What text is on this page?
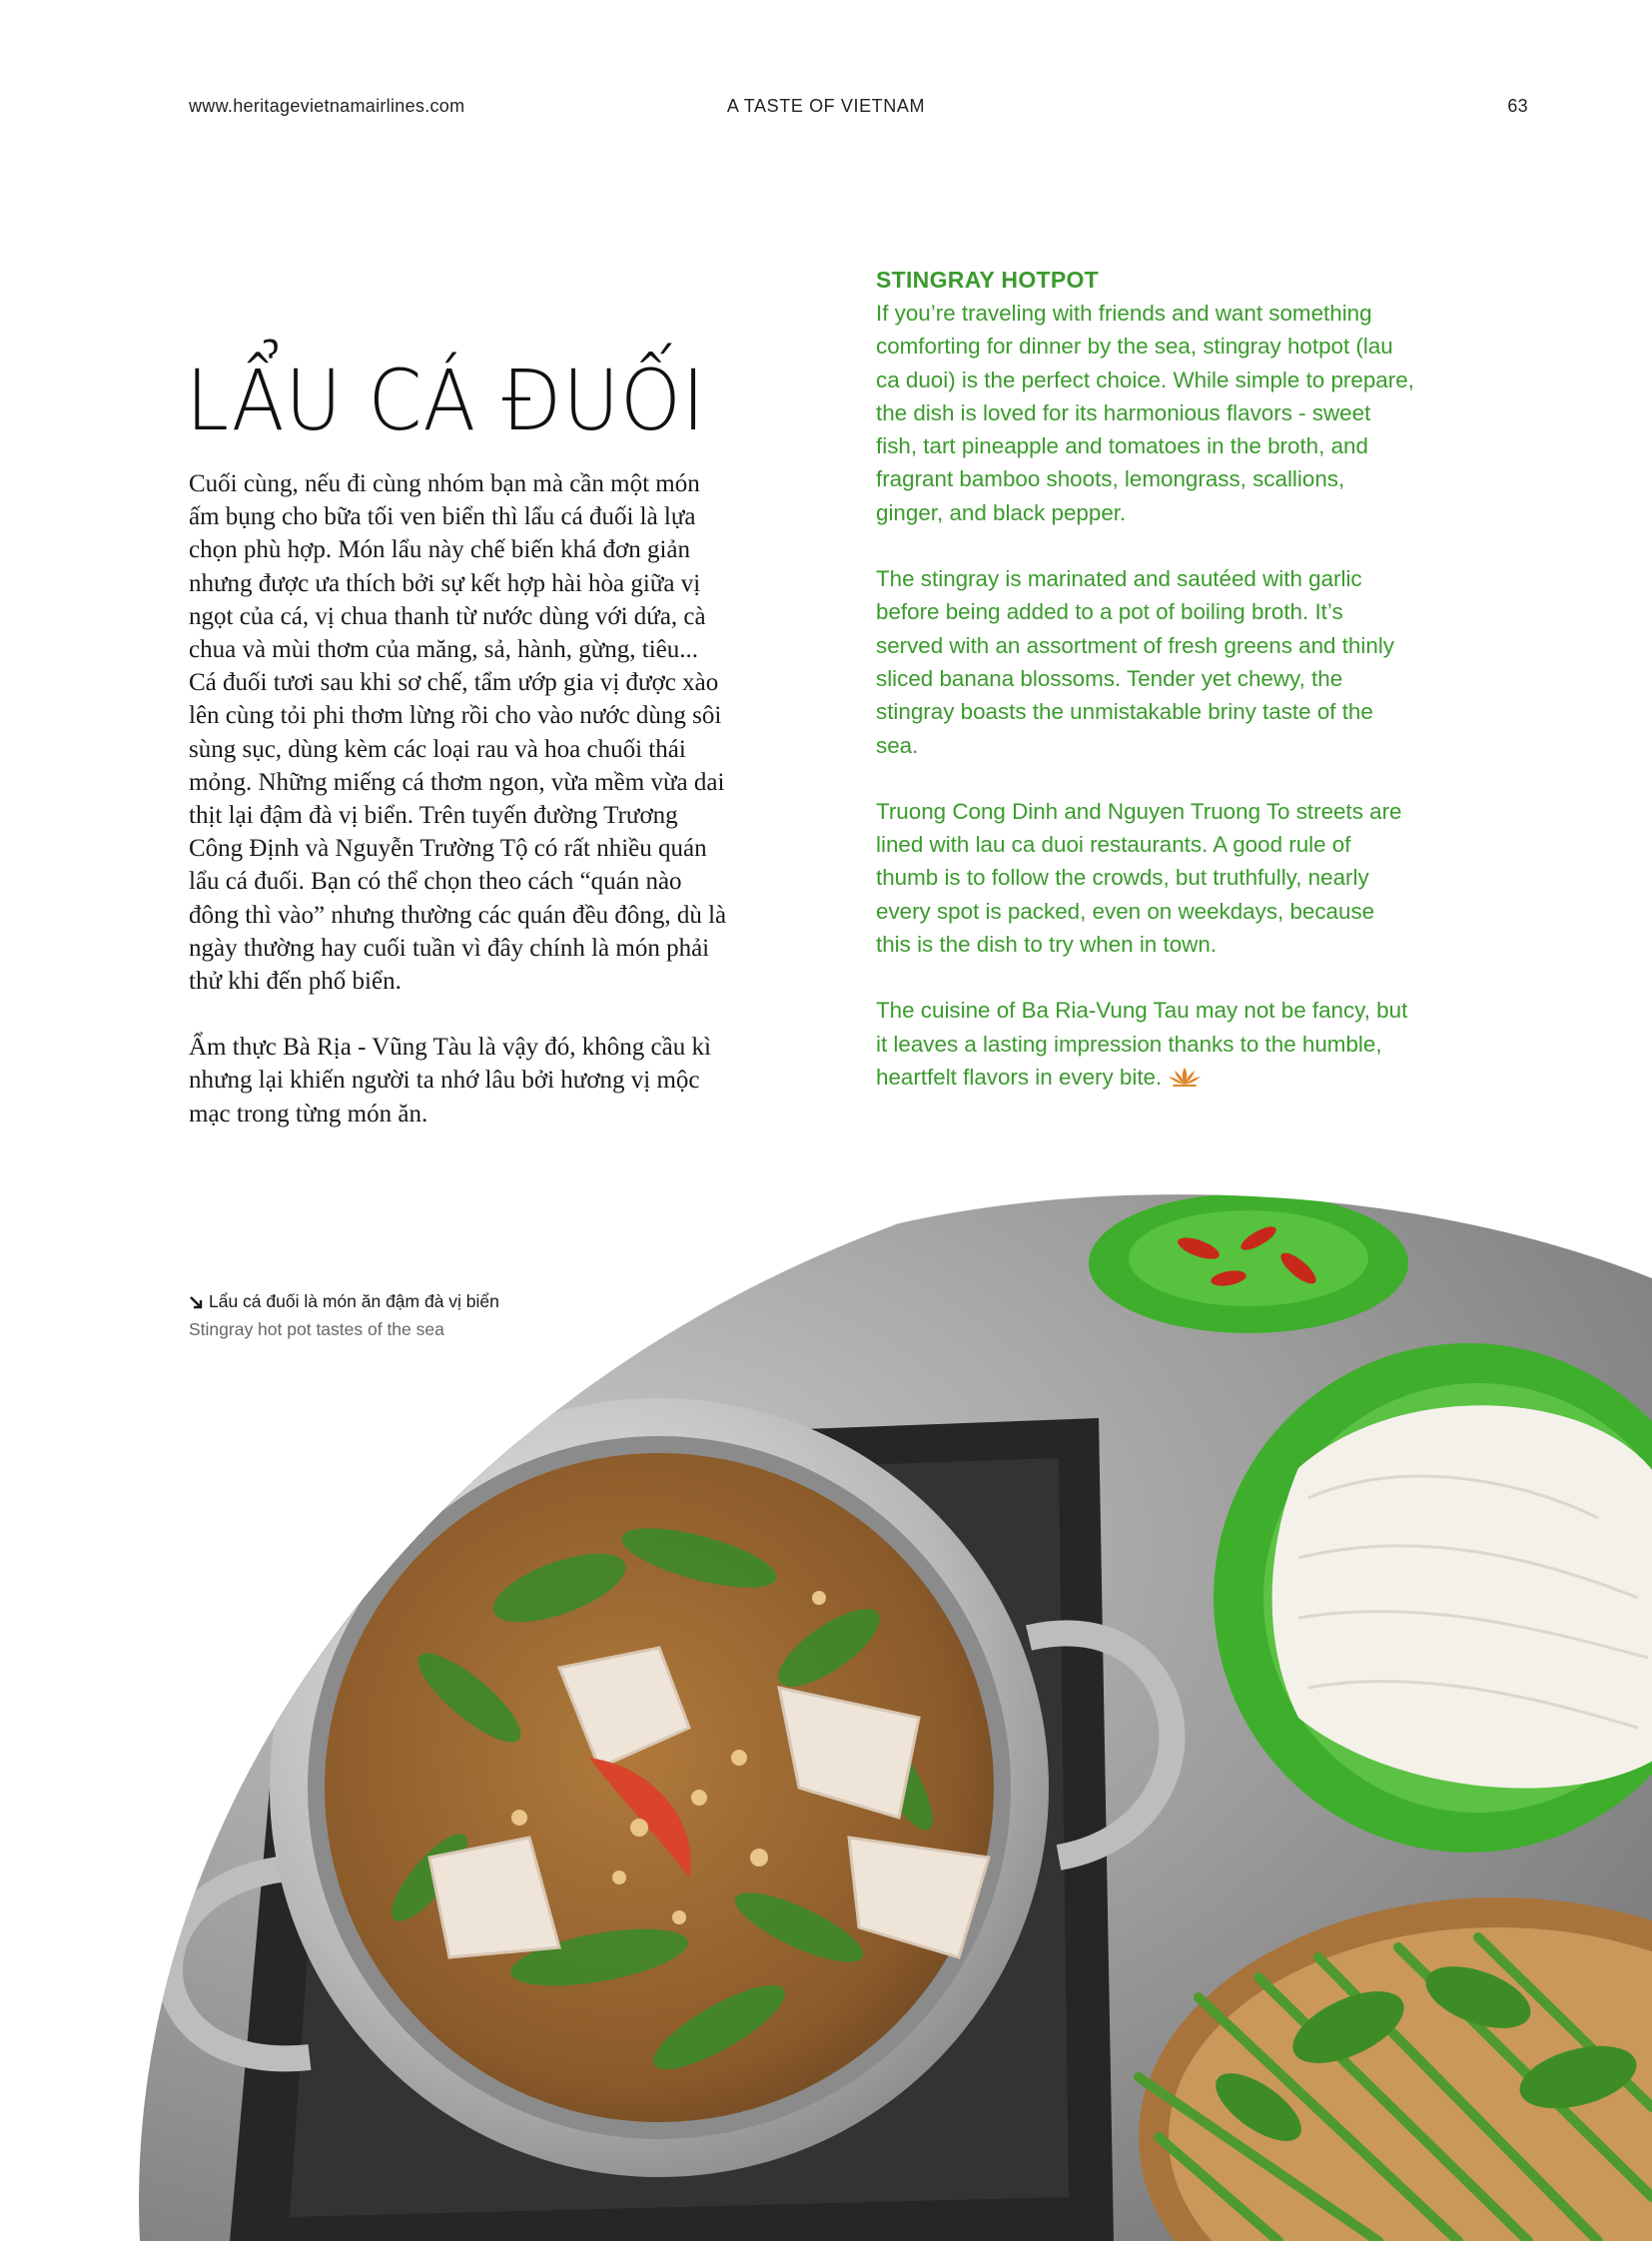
www.heritagevietnamairlines.com	A TASTE OF VIETNAM	63
LẨU CÁ ĐUỐI

Cuối cùng, nếu đi cùng nhóm bạn mà cần một món ấm bụng cho bữa tối ven biển thì lẩu cá đuối là lựa chọn phù hợp. Món lẩu này chế biến khá đơn giản nhưng được ưa thích bởi sự kết hợp hài hòa giữa vị ngọt của cá, vị chua thanh từ nước dùng với dứa, cà chua và mùi thơm của măng, sả, hành, gừng, tiêu... Cá đuối tươi sau khi sơ chế, tẩm ướp gia vị được xào lên cùng tỏi phi thơm lừng rồi cho vào nước dùng sôi sùng sục, dùng kèm các loại rau và hoa chuối thái mỏng. Những miếng cá thơm ngon, vừa mềm vừa dai thịt lại đậm đà vị biển. Trên tuyến đường Trương Công Định và Nguyễn Trường Tộ có rất nhiều quán lẩu cá đuối. Bạn có thể chọn theo cách “quán nào đông thì vào” nhưng thường các quán đều đông, dù là ngày thường hay cuối tuần vì đây chính là món phải thử khi đến phố biển.

Ẩm thực Bà Rịa - Vũng Tàu là vậy đó, không cầu kì nhưng lại khiến người ta nhớ lâu bởi hương vị mộc mạc trong từng món ăn.

STINGRAY HOTPOT

If you’re traveling with friends and want something comforting for dinner by the sea, stingray hotpot (lau ca duoi) is the perfect choice. While simple to prepare, the dish is loved for its harmonious flavors - sweet fish, tart pineapple and tomatoes in the broth, and fragrant bamboo shoots, lemongrass, scallions, ginger, and black pepper.

The stingray is marinated and sautéed with garlic before being added to a pot of boiling broth. It’s served with an assortment of fresh greens and thinly sliced banana blossoms. Tender yet chewy, the stingray boasts the unmistakable briny taste of the sea.

Truong Cong Dinh and Nguyen Truong To streets are lined with lau ca duoi restaurants. A good rule of thumb is to follow the crowds, but truthfully, nearly every spot is packed, even on weekdays, because this is the dish to try when in town.

The cuisine of Ba Ria-Vung Tau may not be fancy, but it leaves a lasting impression thanks to the humble, heartfelt flavors in every bite.

Lẩu cá đuối là món ăn đậm đà vị biển
Stingray hot pot tastes of the sea
